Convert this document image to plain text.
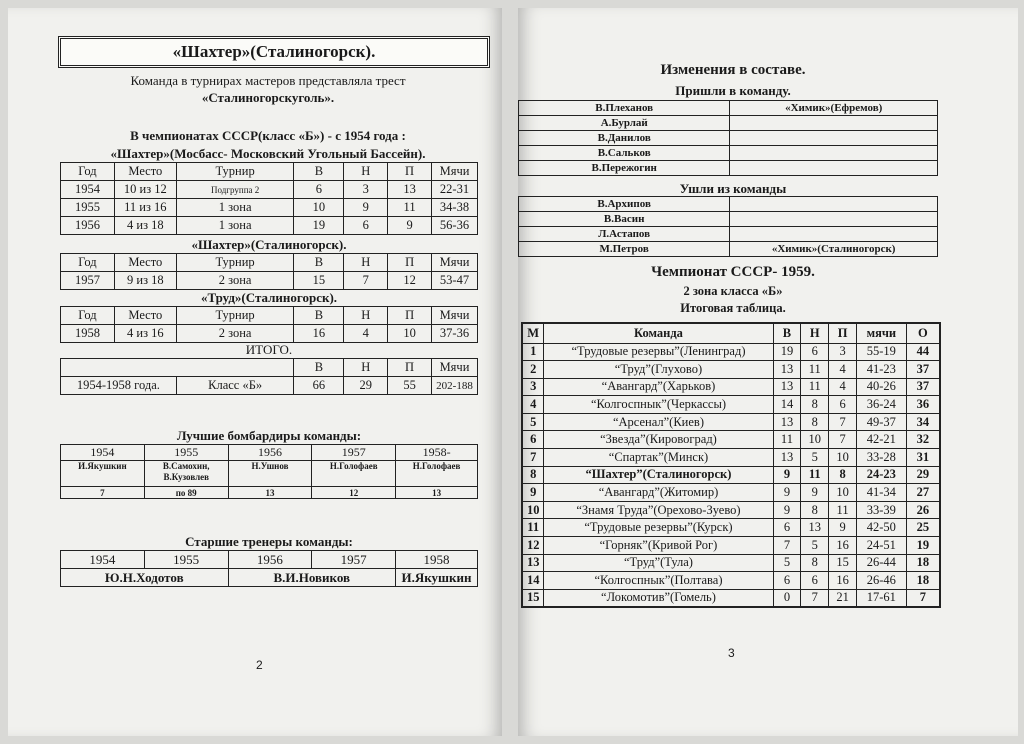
«Шахтер»(Сталиногорск).
Команда в турнирах мастеров представляла трест
«Сталиногорскуголь».
В чемпионатах СССР(класс «Б») - с 1954 года :
«Шахтер»(Мосбасс- Московский Угольный Бассейн).
Год	Место	Турнир	В	Н	П	Мячи
1954	10 из 12	Подгруппа 2	6	3	13	22-31
1955	11 из 16	1 зона	10	9	11	34-38
1956	4 из 18	1 зона	19	6	9	56-36
«Шахтер»(Сталиногорск).
Год	Место	Турнир	В	Н	П	Мячи
1957	9 из 18	2 зона	15	7	12	53-47
«Труд»(Сталиногорск).
Год	Место	Турнир	В	Н	П	Мячи
1958	4 из 16	2 зона	16	4	10	37-36
ИТОГО.
		В	Н	П	Мячи
1954-1958 года.	Класс «Б»	66	29	55	202-188
Лучшие бомбардиры команды:
1954	1955	1956	1957	1958-
И.Якушкин	В.Самохин,
В.Кузовлев	Н.Ушнов	Н.Голофаев	Н.Голофаев
7	по 89	13	12	13
Старшие тренеры команды:
1954	1955	1956	1957	1958
Ю.Н.Ходотов		В.И.Новиков		И.Якушкин
2
Изменения в составе.
Пришли в команду.
В.Плеханов	«Химик»(Ефремов)
А.Бурлай	
В.Данилов	
В.Сальков	
В.Пережогин	
Ушли из команды
В.Архипов	
В.Васин	
Л.Астапов	
М.Петров	«Химик»(Сталиногорск)
Чемпионат СССР- 1959.
2 зона класса «Б»
Итоговая таблица.
М	Команда	В	Н	П	мячи	О
1	“Трудовые резервы”(Ленинград)	19	6	3	55-19	44
2	“Труд”(Глухово)	13	11	4	41-23	37
3	“Авангард”(Харьков)	13	11	4	40-26	37
4	“Колгоспнык”(Черкассы)	14	8	6	36-24	36
5	“Арсенал”(Киев)	13	8	7	49-37	34
6	“Звезда”(Кировоград)	11	10	7	42-21	32
7	“Спартак”(Минск)	13	5	10	33-28	31
8	“Шахтер”(Сталиногорск)	9	11	8	24-23	29
9	“Авангард”(Житомир)	9	9	10	41-34	27
10	“Знамя Труда”(Орехово-Зуево)	9	8	11	33-39	26
11	“Трудовые резервы”(Курск)	6	13	9	42-50	25
12	“Горняк”(Кривой Рог)	7	5	16	24-51	19
13	“Труд”(Тула)	5	8	15	26-44	18
14	“Колгоспнык”(Полтава)	6	6	16	26-46	18
15	“Локомотив”(Гомель)	0	7	21	17-61	7
3
